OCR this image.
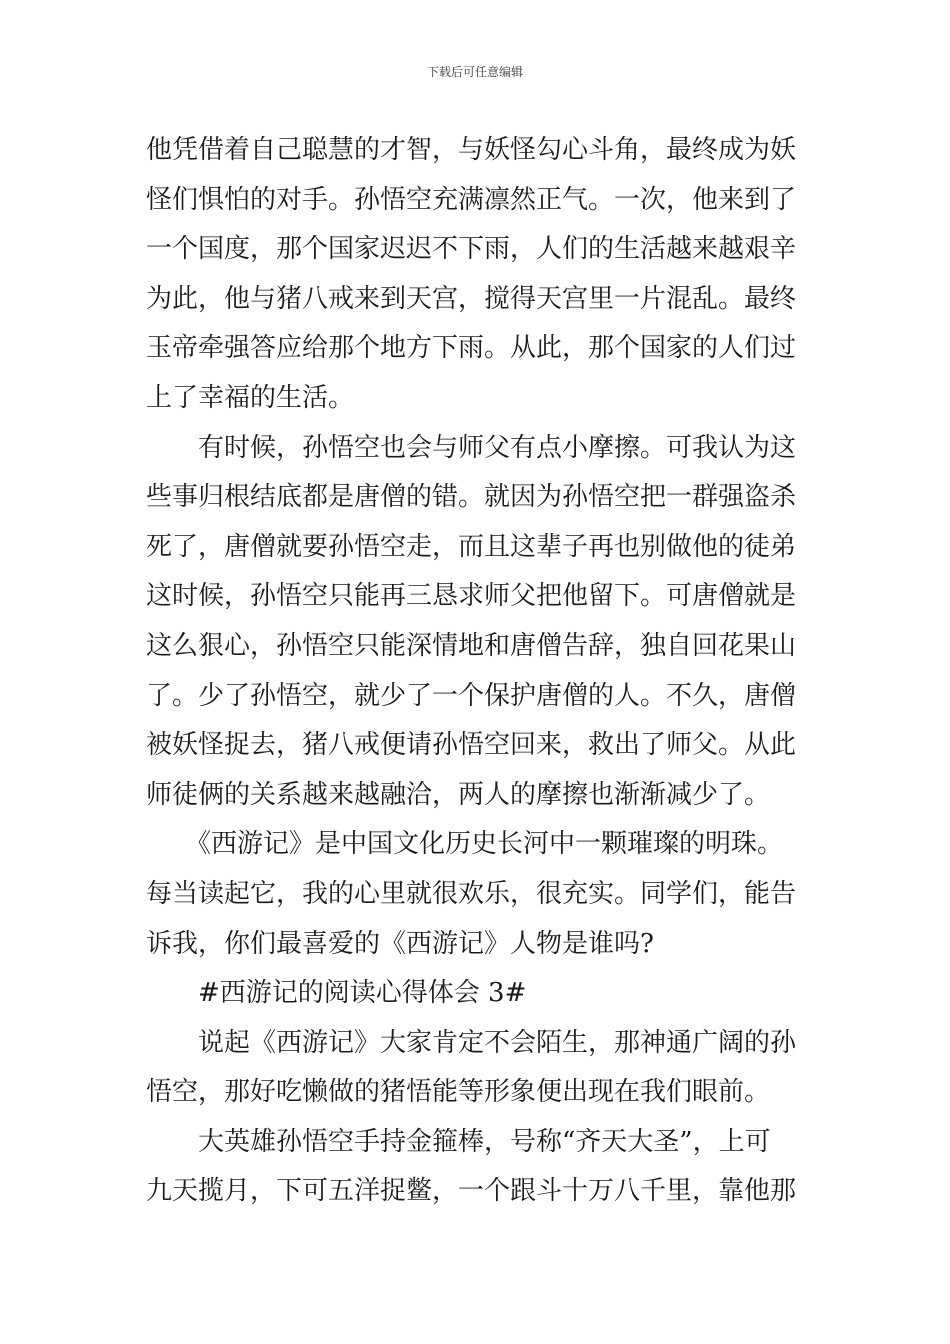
下载后可任意编辑
他凭借着自己聪慧的才智，与妖怪勾心斗角，最终成为妖
怪们惧怕的对手。孙悟空充满凛然正气。一次，他来到了
一个国度，那个国家迟迟不下雨，人们的生活越来越艰辛
为此，他与猪八戒来到天宫，搅得天宫里一片混乱。最终
玉帝牵强答应给那个地方下雨。从此，那个国家的人们过
上了幸福的生活。
　　有时候，孙悟空也会与师父有点小摩擦。可我认为这
些事归根结底都是唐僧的错。就因为孙悟空把一群强盗杀
死了，唐僧就要孙悟空走，而且这辈子再也别做他的徒弟
这时候，孙悟空只能再三恳求师父把他留下。可唐僧就是
这么狠心，孙悟空只能深情地和唐僧告辞，独自回花果山
了。少了孙悟空，就少了一个保护唐僧的人。不久，唐僧
被妖怪捉去，猪八戒便请孙悟空回来，救出了师父。从此
师徒俩的关系越来越融洽，两人的摩擦也渐渐减少了。
　　《西游记》是中国文化历史长河中一颗璀璨的明珠。
每当读起它，我的心里就很欢乐，很充实。同学们，能告
诉我，你们最喜爱的《西游记》人物是谁吗?
　　#西游记的阅读心得体会 3#
　　说起《西游记》大家肯定不会陌生，那神通广阔的孙
悟空，那好吃懒做的猪悟能等形象便出现在我们眼前。
　　大英雄孙悟空手持金箍棒，号称“齐天大圣”，上可
九天揽月，下可五洋捉鳖，一个跟斗十万八千里，靠他那
